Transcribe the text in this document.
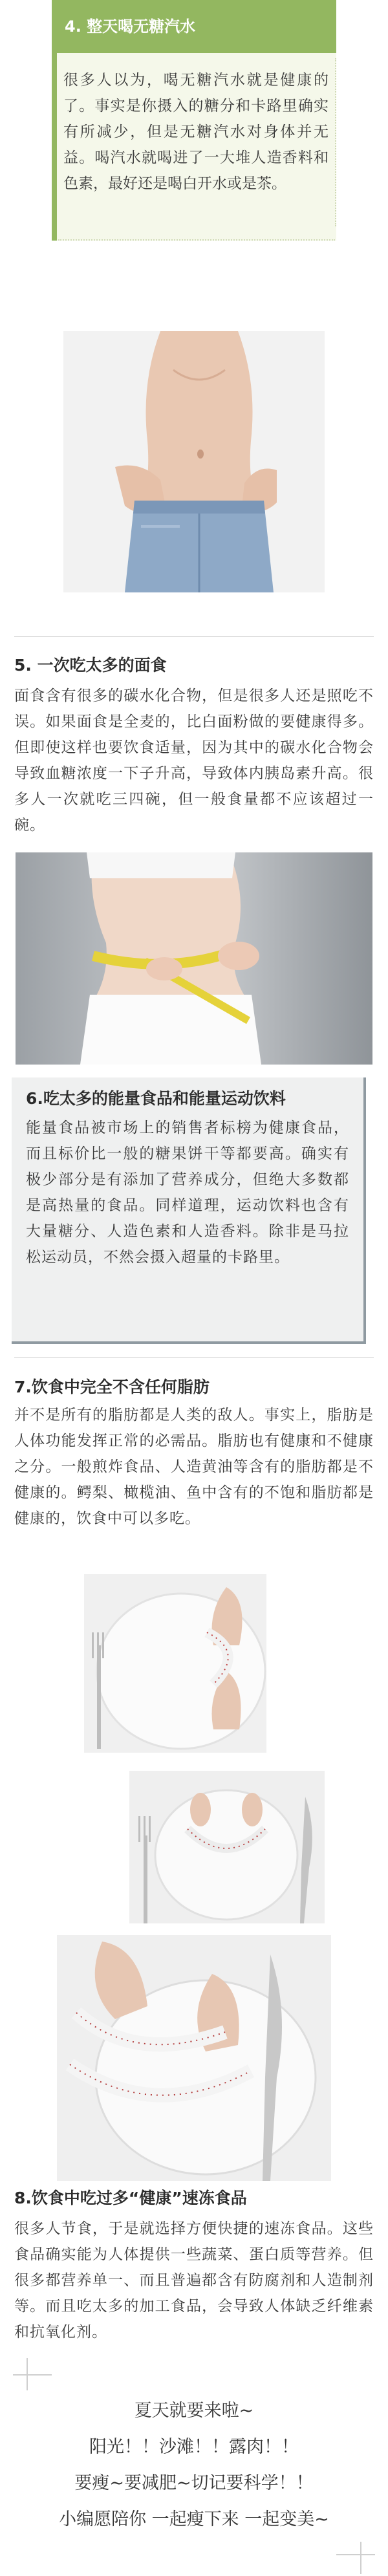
4. 整天喝无糖汽水
很多人以为，喝无糖汽水就是健康的了。事实是你摄入的糖分和卡路里确实有所减少，但是无糖汽水对身体并无益。喝汽水就喝进了一大堆人造香料和色素，最好还是喝白开水或是茶。
5. 一次吃太多的面食
面食含有很多的碳水化合物，但是很多人还是照吃不误。如果面食是全麦的，比白面粉做的要健康得多。但即使这样也要饮食适量，因为其中的碳水化合物会导致血糖浓度一下子升高，导致体内胰岛素升高。很多人一次就吃三四碗，但一般食量都不应该超过一碗。
6.吃太多的能量食品和能量运动饮料
能量食品被市场上的销售者标榜为健康食品，而且标价比一般的糖果饼干等都要高。确实有极少部分是有添加了营养成分，但绝大多数都是高热量的食品。同样道理，运动饮料也含有大量糖分、人造色素和人造香料。除非是马拉松运动员，不然会摄入超量的卡路里。
7.饮食中完全不含任何脂肪
并不是所有的脂肪都是人类的敌人。事实上，脂肪是人体功能发挥正常的必需品。脂肪也有健康和不健康之分。一般煎炸食品、人造黄油等含有的脂肪都是不健康的。鳄梨、橄榄油、鱼中含有的不饱和脂肪都是健康的，饮食中可以多吃。
8.饮食中吃过多“健康”速冻食品
很多人节食，于是就选择方便快捷的速冻食品。这些食品确实能为人体提供一些蔬菜、蛋白质等营养。但很多都营养单一、而且普遍都含有防腐剂和人造制剂等。而且吃太多的加工食品，会导致人体缺乏纤维素和抗氧化剂。
夏天就要来啦~
阳光！！沙滩！！露肉！！
要瘦~要减肥~切记要科学！！
小编愿陪你 一起瘦下来 一起变美~
